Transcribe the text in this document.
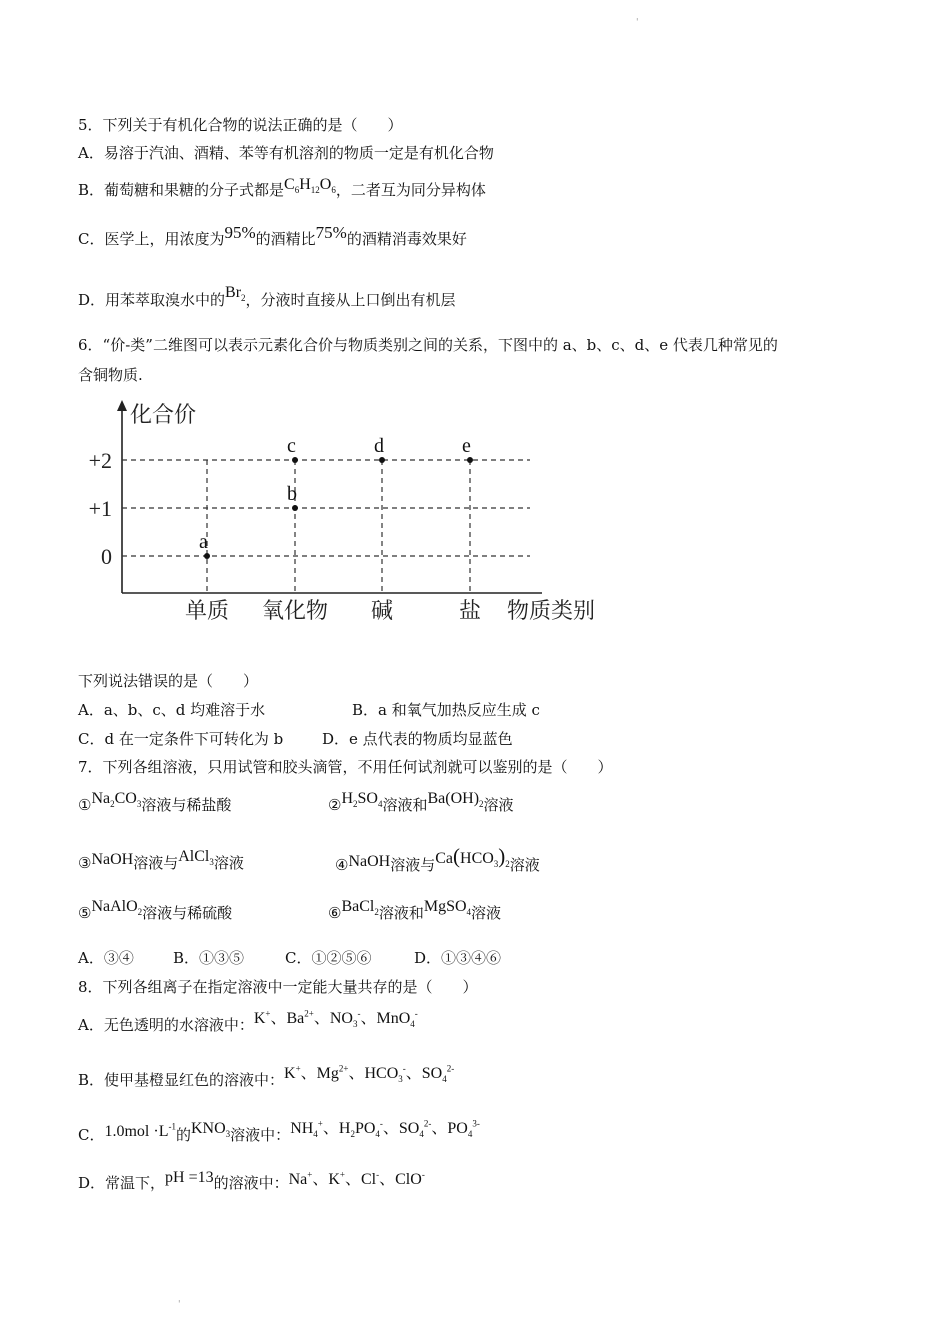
'
5．下列关于有机化合物的说法正确的是（　　）
A．易溶于汽油、酒精、苯等有机溶剂的物质一定是有机化合物
B．葡萄糖和果糖的分子式都是$C_6H_{12}O_6$，二者互为同分异构体
C．医学上，用浓度为95%的酒精比75%的酒精消毒效果好
D．用苯萃取溴水中的$Br_2$，分液时直接从上口倒出有机层
6．“价-类”二维图可以表示元素化合价与物质类别之间的关系，下图中的 a、b、c、d、e 代表几种常见的
含铜物质.
化合价
物质类别
+2
+1
0
单质 氧化物 碱	盐
a
b
c	d	e
下列说法错误的是（　　）
A．a、b、c、d 均难溶于水	B．a 和氧气加热反应生成 c
C．d 在一定条件下可转化为 b	D．e 点代表的物质均显蓝色
7．下列各组溶液，只用试管和胶头滴管，不用任何试剂就可以鉴别的是（　　）
$①Na_2CO_3$溶液与稀盐酸	$②H_2SO_4$溶液和$Ba(OH)_2$溶液
③NaOH溶液与AlCl$_3$溶液	④NaOH溶液与$Ca(HCO_3)_2$溶液
⑤NaAlO$_2$溶液与稀硫酸	⑥BaCl$_2$溶液和MgSO$_4$溶液
A．③④	B．①③⑤	C．①②⑤⑥	D．①③④⑥
8．下列各组离子在指定溶液中一定能大量共存的是（　　）
A．无色透明的水溶液中：K+、$Ba^{2+}$、$NO_3^-$、MnO$_4$-
B．使甲基橙显红色的溶液中：K+、$Mg^{2+}$、$HCO_3^-$、$SO_4^{2-}$
C．$1.0mol \cdot L^{-1}$的$KNO_3$溶液中：$NH_4^+$、$H_2PO_4^-$、$SO_4^{2-}$、$PO_4^{3-}$
D．常温下，pH =13的溶液中：Na+、K+、Cl-、ClO-
'
